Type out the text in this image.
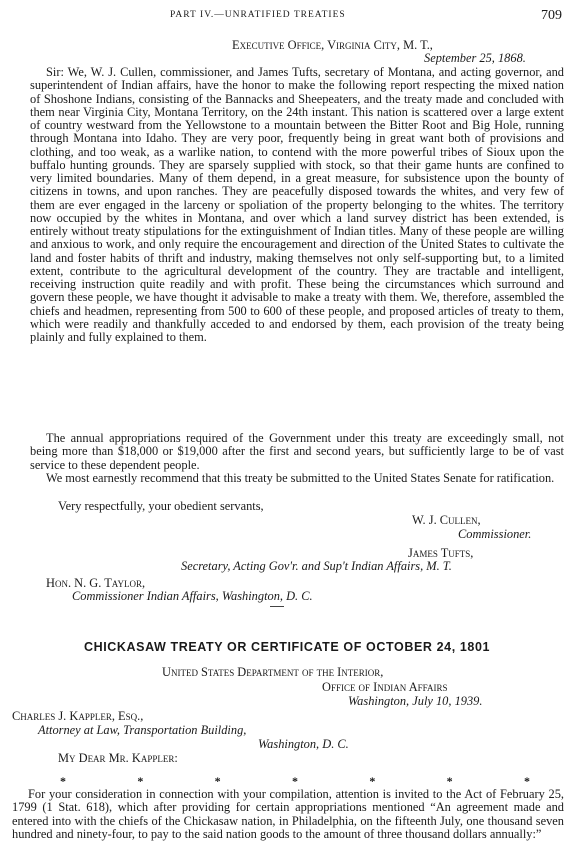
PART IV.—UNRATIFIED TREATIES	709
Executive Office, Virginia City, M. T.,
September 25, 1868.
Sir: We, W. J. Cullen, commissioner, and James Tufts, secretary of Montana, and acting governor, and superintendent of Indian affairs, have the honor to make the following report respecting the mixed nation of Shoshone Indians, consisting of the Bannacks and Sheepeaters, and the treaty made and concluded with them near Virginia City, Montana Territory, on the 24th instant. This nation is scattered over a large extent of country westward from the Yellowstone to a mountain between the Bitter Root and Big Hole, running through Montana into Idaho. They are very poor, frequently being in great want both of provisions and clothing, and too weak, as a warlike nation, to contend with the more powerful tribes of Sioux upon the buffalo hunting grounds. They are sparsely supplied with stock, so that their game hunts are confined to very limited boundaries. Many of them depend, in a great measure, for subsistence upon the bounty of citizens in towns, and upon ranches. They are peacefully disposed towards the whites, and very few of them are ever engaged in the larceny or spoliation of the property belonging to the whites. The territory now occupied by the whites in Montana, and over which a land survey district has been extended, is entirely without treaty stipulations for the extinguishment of Indian titles. Many of these people are willing and anxious to work, and only require the encouragement and direction of the United States to cultivate the land and foster habits of thrift and industry, making themselves not only self-supporting but, to a limited extent, contribute to the agricultural development of the country. They are tractable and intelligent, receiving instruction quite readily and with profit. These being the circumstances which surround and govern these people, we have thought it advisable to make a treaty with them. We, therefore, assembled the chiefs and headmen, representing from 500 to 600 of these people, and proposed articles of treaty to them, which were readily and thankfully acceded to and endorsed by them, each provision of the treaty being plainly and fully explained to them.
The annual appropriations required of the Government under this treaty are exceedingly small, not being more than $18,000 or $19,000 after the first and second years, but sufficiently large to be of vast service to these dependent people.
We most earnestly recommend that this treaty be submitted to the United States Senate for ratification.
Very respectfully, your obedient servants,
W. J. Cullen,
Commissioner.
James Tufts,
Secretary, Acting Gov'r. and Sup't Indian Affairs, M. T.
Hon. N. G. Taylor,
Commissioner Indian Affairs, Washington, D. C.
CHICKASAW TREATY OR CERTIFICATE OF OCTOBER 24, 1801
United States Department of the Interior,
Office of Indian Affairs
Washington, July 10, 1939.
Charles J. Kappler, Esq.,
Attorney at Law, Transportation Building,
Washington, D. C.
My Dear Mr. Kappler:
*	*	*	*	*	*	*
For your consideration in connection with your compilation, attention is invited to the Act of February 25, 1799 (1 Stat. 618), which after providing for certain appropriations mentioned “An agreement made and entered into with the chiefs of the Chickasaw nation, in Philadelphia, on the fifteenth July, one thousand seven hundred and ninety-four, to pay to the said nation goods to the amount of three thousand dollars annually:”
